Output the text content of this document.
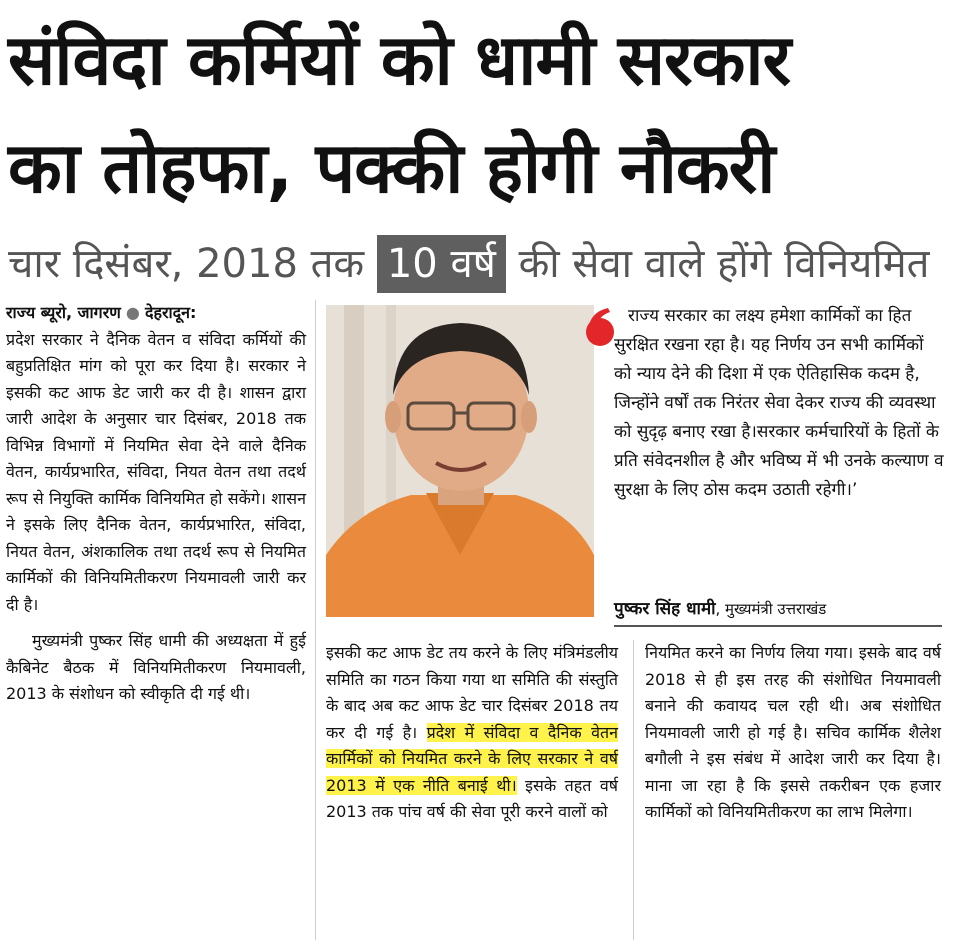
संविदा कर्मियों को धामी सरकार
का तोहफा, पक्की होगी नौकरी
चार दिसंबर, 2018 तक 10 वर्ष की सेवा वाले होंगे विनियमित
राज्य ब्यूरो, जागरण ● देहरादून:
प्रदेश सरकार ने दैनिक वेतन व संविदा कर्मियों की बहुप्रतिक्षित मांग को पूरा कर दिया है। सरकार ने इसकी कट आफ डेट जारी कर दी है। शासन द्वारा जारी आदेश के अनुसार चार दिसंबर, 2018 तक विभिन्न विभागों में नियमित सेवा देने वाले दैनिक वेतन, कार्यप्रभारित, संविदा, नियत वेतन तथा तदर्थ रूप से नियुक्ति कार्मिक विनियमित हो सकेंगे। शासन ने इसके लिए दैनिक वेतन, कार्यप्रभारित, संविदा, नियत वेतन, अंशकालिक तथा तदर्थ रूप से नियमित कार्मिकों की विनियमितीकरण नियमावली जारी कर दी है।
मुख्यमंत्री पुष्कर सिंह धामी की अध्यक्षता में हुई कैबिनेट बैठक में विनियमितीकरण नियमावली, 2013 के संशोधन को स्वीकृति दी गई थी।
राज्य सरकार का लक्ष्य हमेशा कार्मिकों का हित सुरक्षित रखना रहा है। यह निर्णय उन सभी कार्मिकों को न्याय देने की दिशा में एक ऐतिहासिक कदम है, जिन्होंने वर्षों तक निरंतर सेवा देकर राज्य की व्यवस्था को सुदृढ़ बनाए रखा है।सरकार कर्मचारियों के हितों के प्रति संवेदनशील है और भविष्य में भी उनके कल्याण व सुरक्षा के लिए ठोस कदम उठाती रहेगी।’
पुष्कर सिंह धामी, मुख्यमंत्री उत्तराखंड
इसकी कट आफ डेट तय करने के लिए मंत्रिमंडलीय समिति का गठन किया गया था समिति की संस्तुति के बाद अब कट आफ डेट चार दिसंबर 2018 तय कर दी गई है। प्रदेश में संविदा व दैनिक वेतन कार्मिकों को नियमित करने के लिए सरकार ने वर्ष 2013 में एक नीति बनाई थी। इसके तहत वर्ष 2013 तक पांच वर्ष की सेवा पूरी करने वालों को
नियमित करने का निर्णय लिया गया। इसके बाद वर्ष 2018 से ही इस तरह की संशोधित नियमावली बनाने की कवायद चल रही थी। अब संशोधित नियमावली जारी हो गई है। सचिव कार्मिक शैलेश बगौली ने इस संबंध में आदेश जारी कर दिया है। माना जा रहा है कि इससे तकरीबन एक हजार कार्मिकों को विनियमितीकरण का लाभ मिलेगा।
